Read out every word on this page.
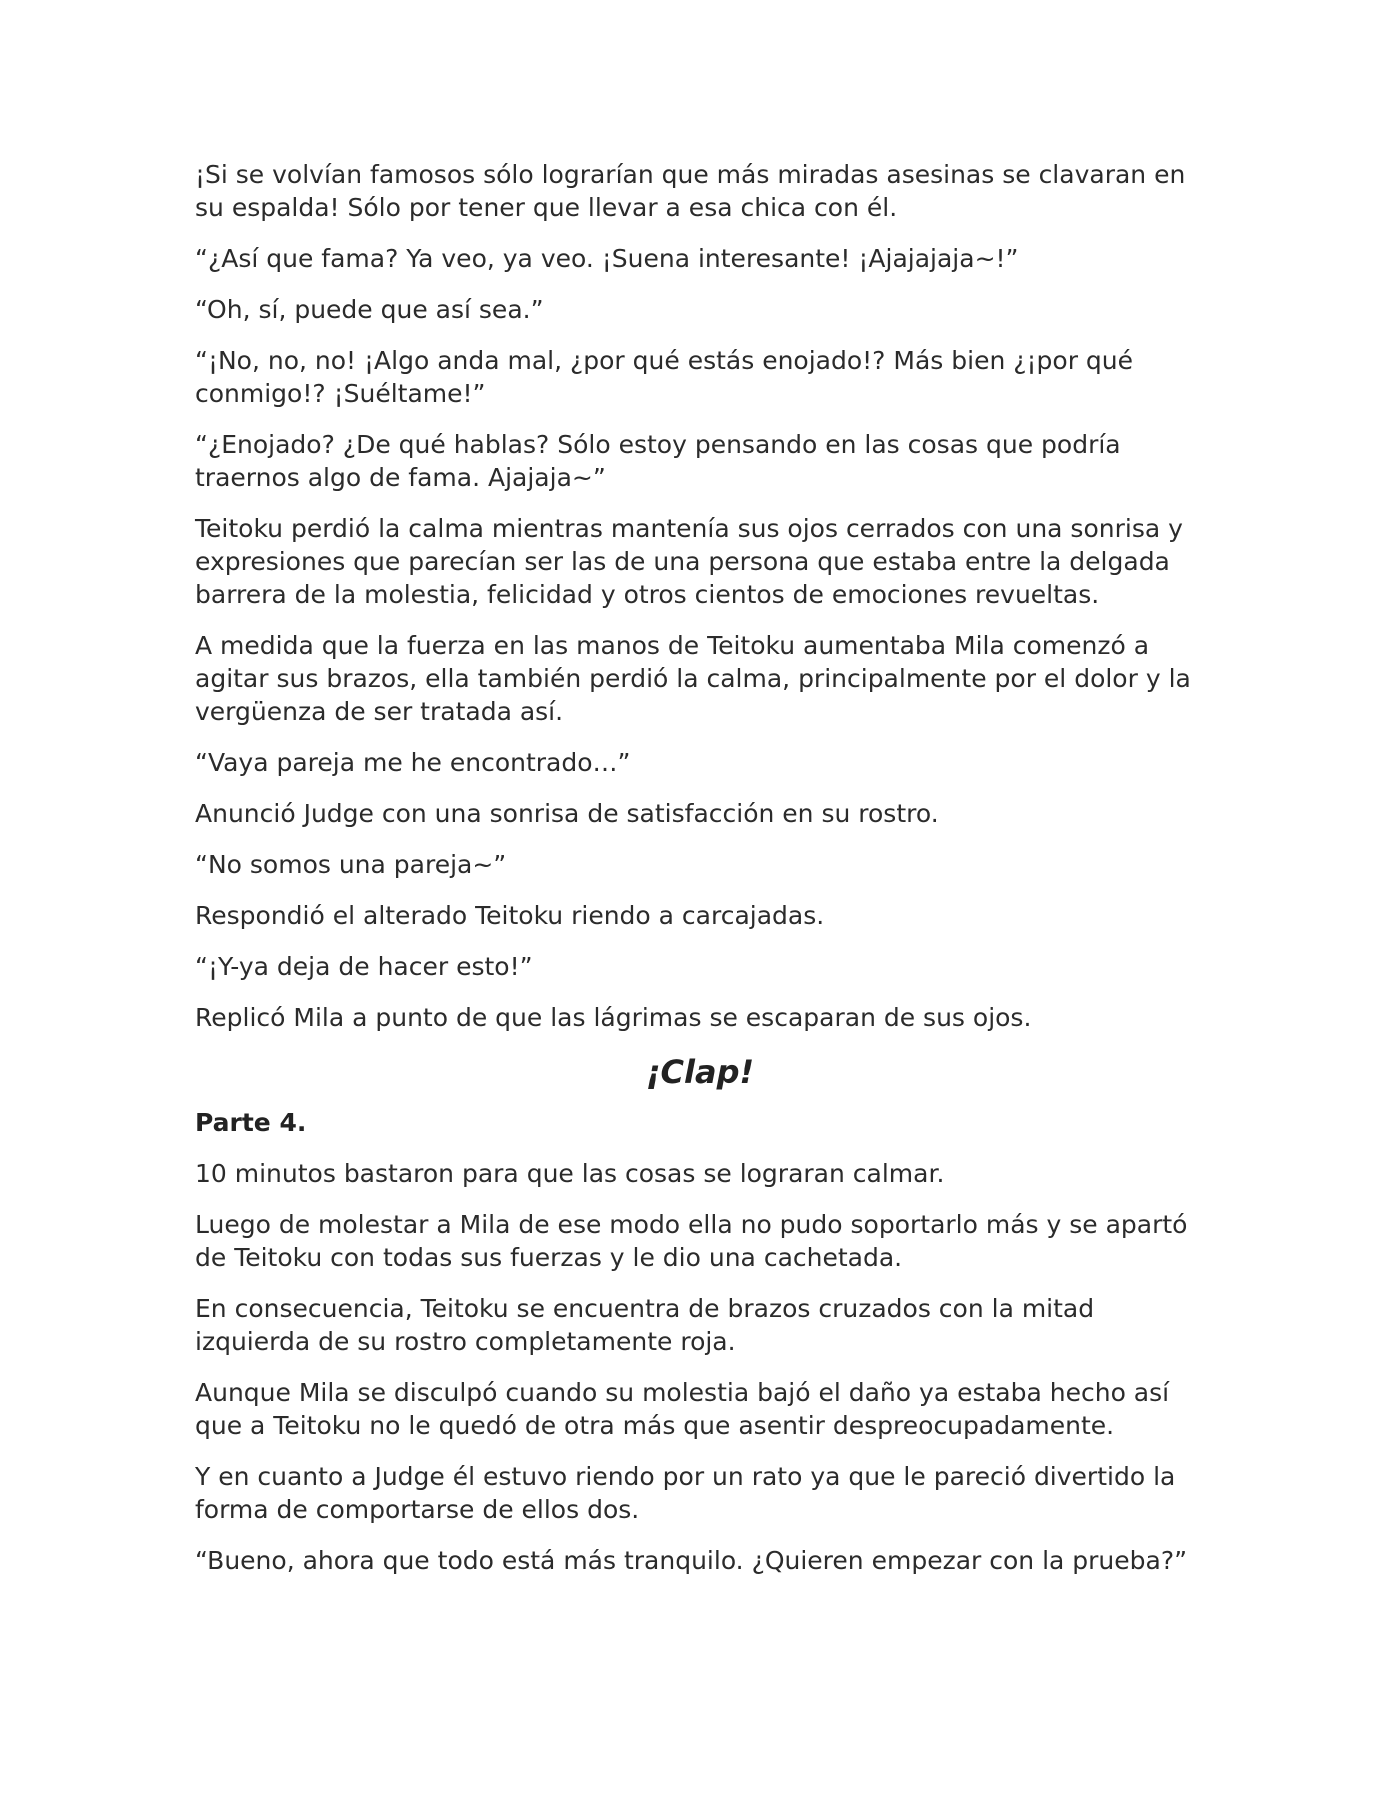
¡Si se volvían famosos sólo lograrían que más miradas asesinas se clavaran en su espalda! Sólo por tener que llevar a esa chica con él.

“¿Así que fama? Ya veo, ya veo. ¡Suena interesante! ¡Ajajajaja~!”

“Oh, sí, puede que así sea.”

“¡No, no, no! ¡Algo anda mal, ¿por qué estás enojado!? Más bien ¿¡por qué conmigo!? ¡Suéltame!”

“¿Enojado? ¿De qué hablas? Sólo estoy pensando en las cosas que podría traernos algo de fama. Ajajaja~”

Teitoku perdió la calma mientras mantenía sus ojos cerrados con una sonrisa y expresiones que parecían ser las de una persona que estaba entre la delgada barrera de la molestia, felicidad y otros cientos de emociones revueltas.

A medida que la fuerza en las manos de Teitoku aumentaba Mila comenzó a agitar sus brazos, ella también perdió la calma, principalmente por el dolor y la vergüenza de ser tratada así.

“Vaya pareja me he encontrado…”

Anunció Judge con una sonrisa de satisfacción en su rostro.

“No somos una pareja~”

Respondió el alterado Teitoku riendo a carcajadas.

“¡Y-ya deja de hacer esto!”

Replicó Mila a punto de que las lágrimas se escaparan de sus ojos.

¡Clap!

Parte 4.

10 minutos bastaron para que las cosas se lograran calmar.

Luego de molestar a Mila de ese modo ella no pudo soportarlo más y se apartó de Teitoku con todas sus fuerzas y le dio una cachetada.

En consecuencia, Teitoku se encuentra de brazos cruzados con la mitad izquierda de su rostro completamente roja.

Aunque Mila se disculpó cuando su molestia bajó el daño ya estaba hecho así que a Teitoku no le quedó de otra más que asentir despreocupadamente.

Y en cuanto a Judge él estuvo riendo por un rato ya que le pareció divertido la forma de comportarse de ellos dos.

“Bueno, ahora que todo está más tranquilo. ¿Quieren empezar con la prueba?”
